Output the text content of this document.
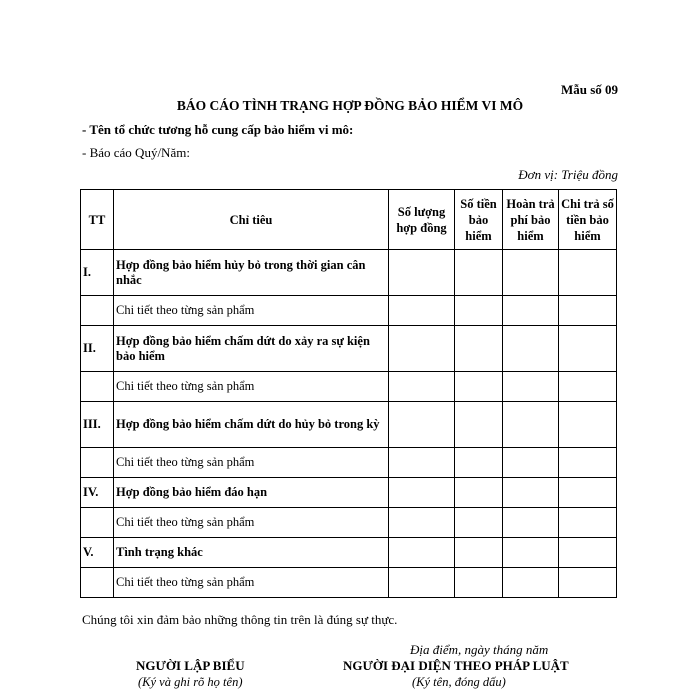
Mẫu số 09
BÁO CÁO TÌNH TRẠNG HỢP ĐỒNG BẢO HIỂM VI MÔ
- Tên tổ chức tương hỗ cung cấp bảo hiểm vi mô:
- Báo cáo Quý/Năm:
Đơn vị: Triệu đồng
TT	Chỉ tiêu	Số lượng hợp đồng	Số tiền bảo hiểm	Hoàn trả phí bảo hiểm	Chi trả số tiền bảo hiểm
I.	Hợp đồng bảo hiểm hủy bỏ trong thời gian cân nhắc				
	Chi tiết theo từng sản phẩm				
II.	Hợp đồng bảo hiểm chấm dứt do xảy ra sự kiện bảo hiểm				
	Chi tiết theo từng sản phẩm				
III.	Hợp đồng bảo hiểm chấm dứt do hủy bỏ trong kỳ				
	Chi tiết theo từng sản phẩm				
IV.	Hợp đồng bảo hiểm đáo hạn				
	Chi tiết theo từng sản phẩm				
V.	Tình trạng khác				
	Chi tiết theo từng sản phẩm				
Chúng tôi xin đảm bảo những thông tin trên là đúng sự thực.
Địa điểm, ngày tháng năm
NGƯỜI LẬP BIỂU
(Ký và ghi rõ họ tên)
NGƯỜI ĐẠI DIỆN THEO PHÁP LUẬT
(Ký tên, đóng dấu)
